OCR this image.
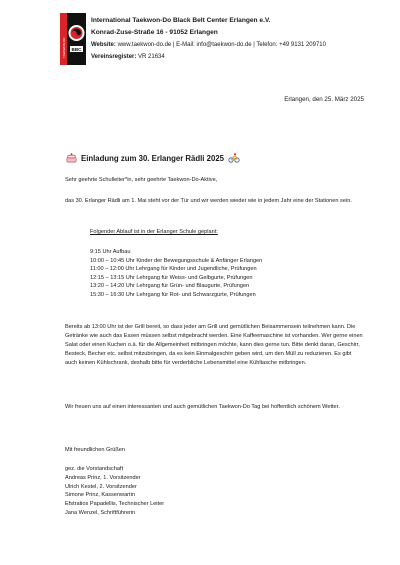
BBC
TAEKWON-DO
International Taekwon-Do Black Belt Center Erlangen e.V.
Konrad-Zuse-Straße 16 - 91052 Erlangen
Website: www.taekwon-do.de | E-Mail: info@taekwon-do.de | Telefon: +49 9131 209710
Vereinsregister: VR 21634
Erlangen, den 25. März 2025
Einladung zum 30. Erlanger Rädli 2025
Sehr geehrte Schulleiter*in, sehr geehrte Taekwon-Do-Aktive,
das 30. Erlanger Rädli am 1. Mai steht vor der Tür und wir werden wieder wie in jedem Jahr eine der Stationen sein.
Folgender Ablauf ist in der Erlanger Schule geplant:
9:15 Uhr Aufbau
10:00 – 10:45 Uhr Kinder der Bewegungsschule & Anfänger Erlangen
11:00 – 12:00 Uhr Lehrgang für Kinder und Jugendliche, Prüfungen
12:15 – 13:15 Uhr Lehrgang für Weiss- und Gelbgurte, Prüfungen
13:20 – 14:20 Uhr Lehrgang für Grün- und Blaugurte, Prüfungen
15:30 – 16:30 Uhr Lehrgang für Rot- und Schwarzgurte, Prüfungen
Bereits ab 13:00 Uhr ist der Grill bereit, so dass jeder am Grill und gemütlichen Beisammensein teilnehmen kann. Die Getränke wie auch das Essen müssen selbst mitgebracht werden. Eine Kaffeemaschine ist vorhanden. Wer gerne einen Salat oder einen Kuchen o.ä. für die Allgemeinheit mitbringen möchte, kann dies gerne tun. Bitte denkt daran, Geschirr, Besteck, Becher etc. selbst mitzubringen, da es kein Einmalgeschirr geben wird, um den Müll zu reduzieren. Es gibt auch keinen Kühlschrank, deshalb bitte für verderbliche Lebensmittel eine Kühltasche mitbringen.
Wir freuen uns auf einen interessanten und auch gemütlichen Taekwon-Do Tag bei hoffentlich schönem Wetter.
Mit freundlichen Grüßen
gez. die Vorstandschaft
Andreas Prinz, 1. Vorsitzender
Ulrich Kestel, 2. Vorsitzender
Simone Prinz, Kassenwartin
Efstratios Papadellis, Technischer Leiter
Jana Wenzel, Schriftführerin
